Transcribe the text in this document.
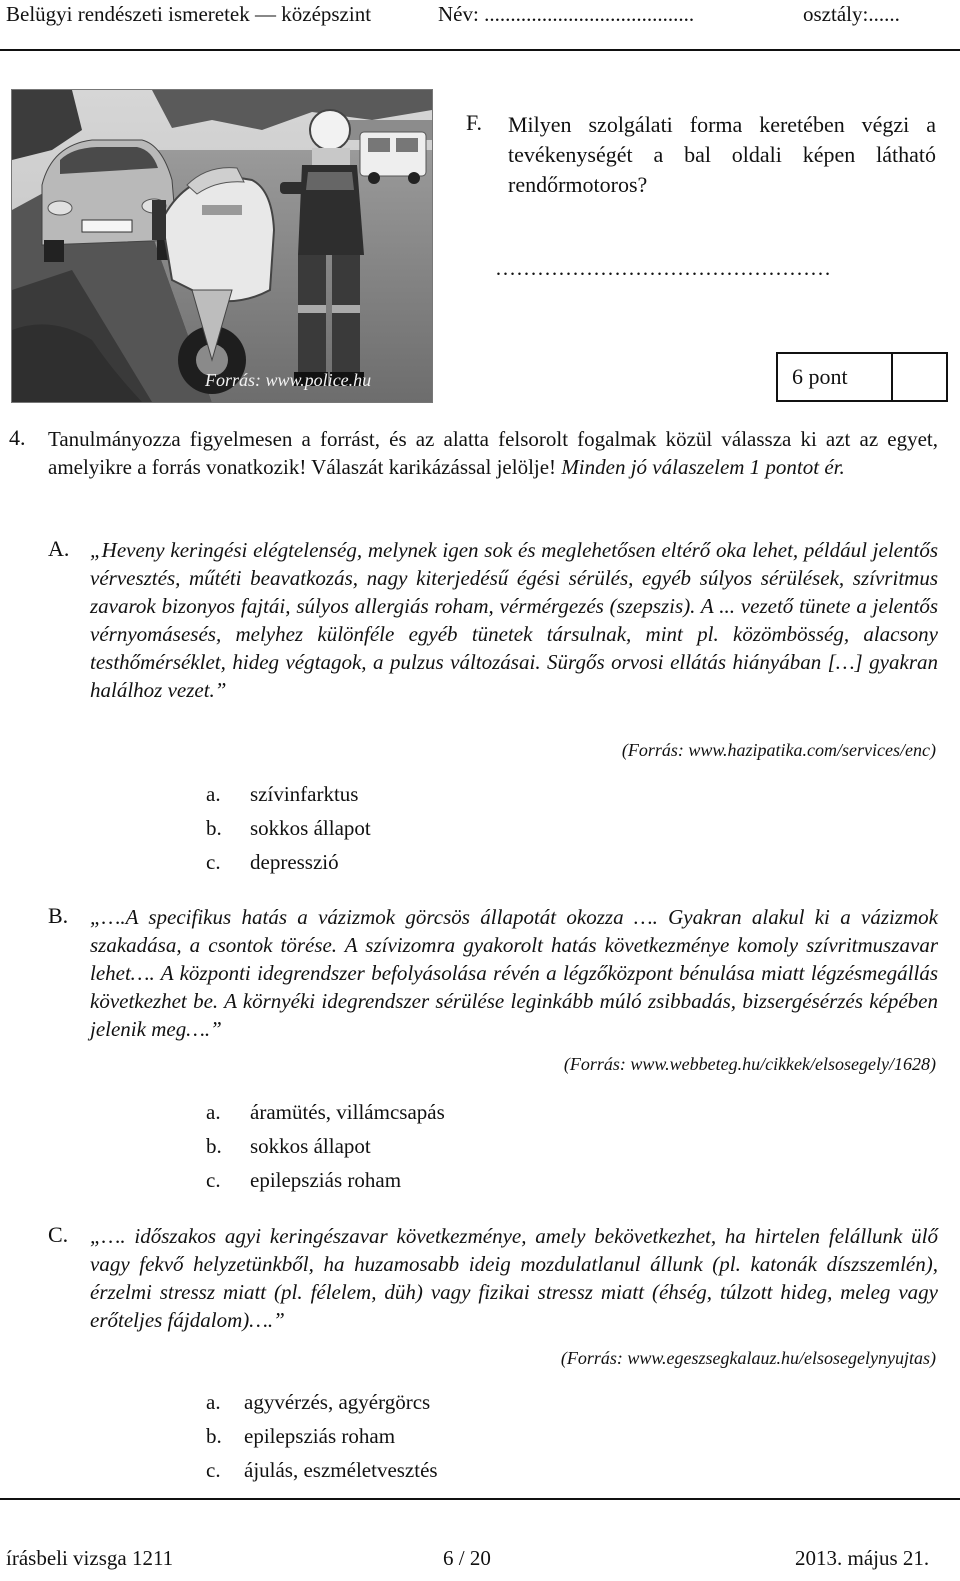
Belügyi rendészeti ismeretek — középszint	Név: ........................................	osztály:......
Forrás: www.police.hu
F. Milyen szolgálati forma keretében végzi a tevékenységét a bal oldali képen látható rendőrmotoros?
…………………………………………
6 pont
4. Tanulmányozza figyelmesen a forrást, és az alatta felsorolt fogalmak közül válassza ki azt az egyet, amelyikre a forrás vonatkozik! Válaszát karikázással jelölje! Minden jó válaszelem 1 pontot ér.
A. „Heveny keringési elégtelenség, melynek igen sok és meglehetősen eltérő oka lehet, például jelentős vérvesztés, műtéti beavatkozás, nagy kiterjedésű égési sérülés, egyéb súlyos sérülések, szívritmus zavarok bizonyos fajtái, súlyos allergiás roham, vérmérgezés (szepszis). A ... vezető tünete a jelentős vérnyomásesés, melyhez különféle egyéb tünetek társulnak, mint pl. közömbösség, alacsony testhőmérséklet, hideg végtagok, a pulzus változásai. Sürgős orvosi ellátás hiányában […] gyakran halálhoz vezet.”
(Forrás: www.hazipatika.com/services/enc)
a. szívinfarktus
b. sokkos állapot
c. depresszió
B. „….A specifikus hatás a vázizmok görcsös állapotát okozza …. Gyakran alakul ki a vázizmok szakadása, a csontok törése. A szívizomra gyakorolt hatás következménye komoly szívritmuszavar lehet…. A központi idegrendszer befolyásolása révén a légzőközpont bénulása miatt légzésmegállás következhet be. A környéki idegrendszer sérülése leginkább múló zsibbadás, bizsergésérzés képében jelenik meg….”
(Forrás: www.webbeteg.hu/cikkek/elsosegely/1628)
a. áramütés, villámcsapás
b. sokkos állapot
c. epilepsziás roham
C. „…. időszakos agyi keringészavar következménye, amely bekövetkezhet, ha hirtelen felállunk ülő vagy fekvő helyzetünkből, ha huzamosabb ideig mozdulatlanul állunk (pl. katonák díszszemlén), érzelmi stressz miatt (pl. félelem, düh) vagy fizikai stressz miatt (éhség, túlzott hideg, meleg vagy erőteljes fájdalom)….”
(Forrás: www.egeszsegkalauz.hu/elsosegelynyujtas)
a. agyvérzés, agyérgörcs
b. epilepsziás roham
c. ájulás, eszméletvesztés
írásbeli vizsga 1211	6 / 20	2013. május 21.
